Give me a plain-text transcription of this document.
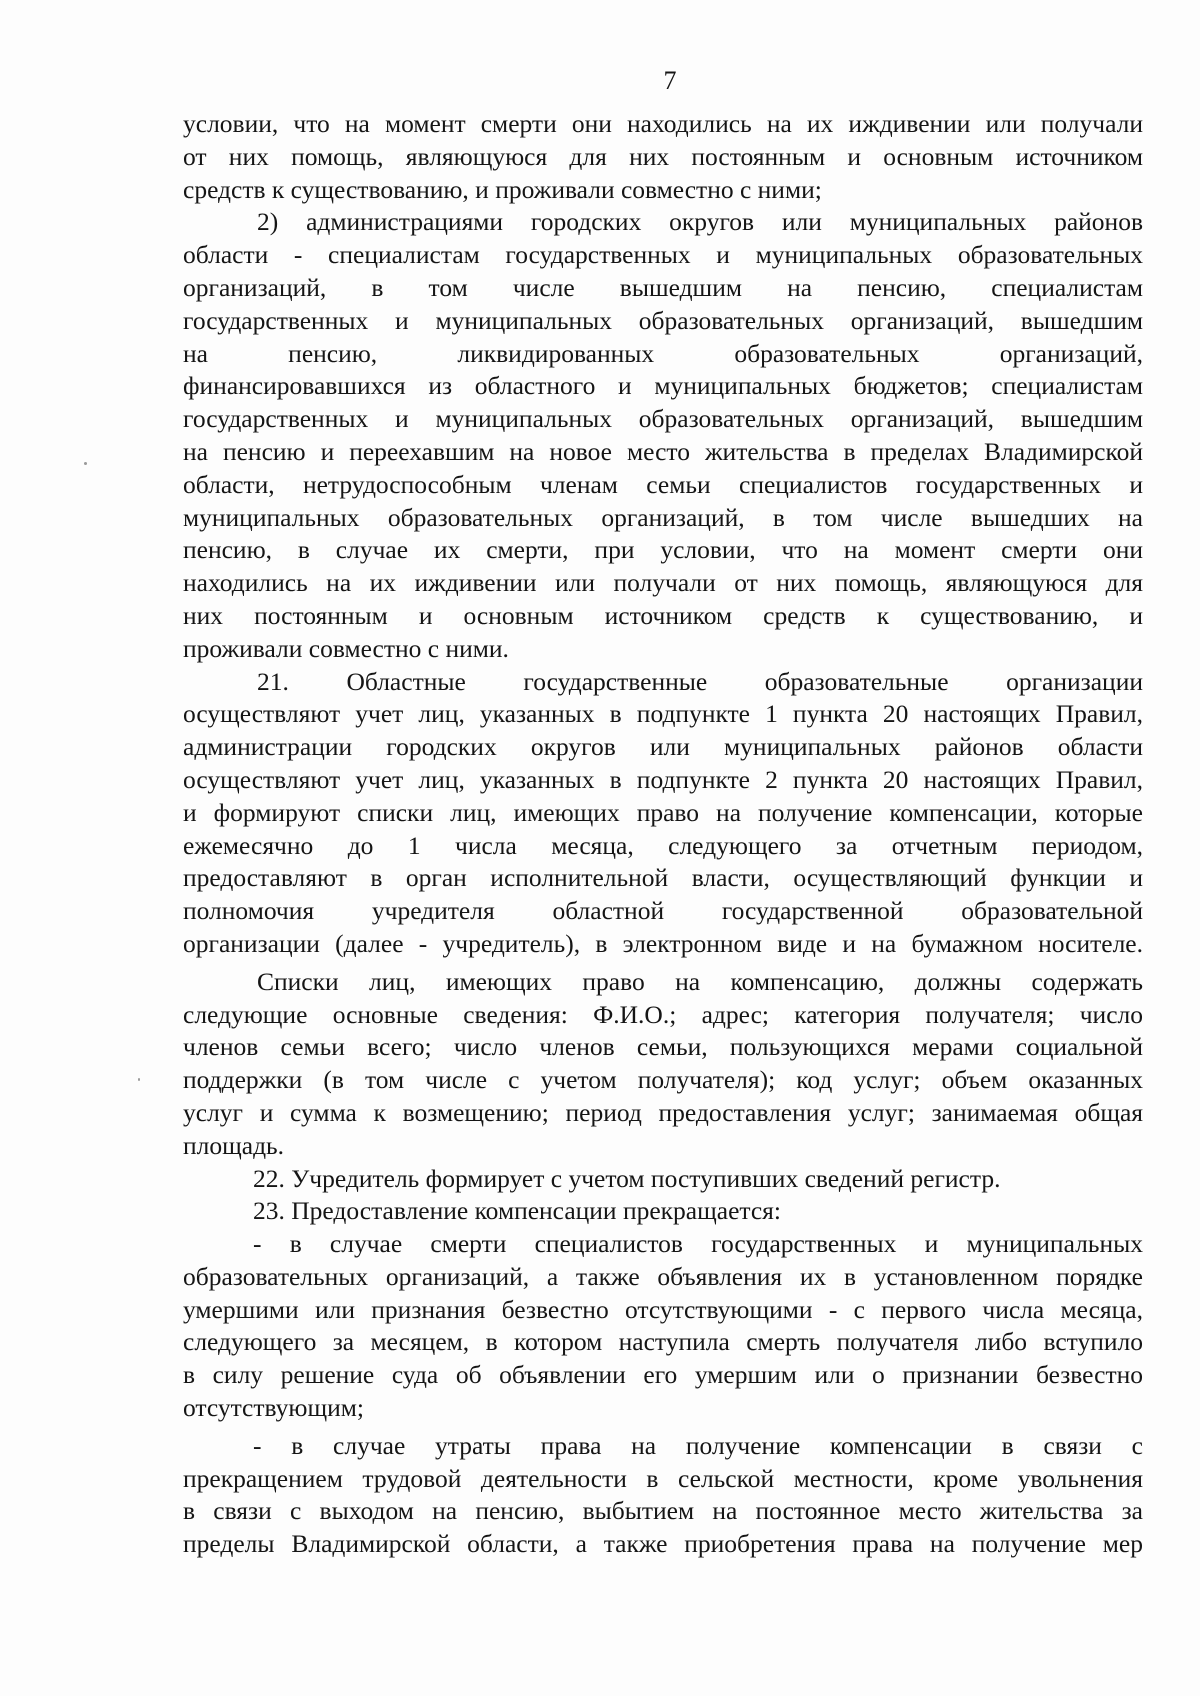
7
условии, что на момент смерти они находились на их иждивении или получали
от них помощь, являющуюся для них постоянным и основным источником
средств к существованию, и проживали совместно с ними;
2) администрациями городских округов или муниципальных районов
области - специалистам государственных и муниципальных образовательных
организаций, в том числе вышедшим на пенсию, специалистам
государственных и муниципальных образовательных организаций, вышедшим
на пенсию, ликвидированных образовательных организаций,
финансировавшихся из областного и муниципальных бюджетов; специалистам
государственных и муниципальных образовательных организаций, вышедшим
на пенсию и переехавшим на новое место жительства в пределах Владимирской
области, нетрудоспособным членам семьи специалистов государственных и
муниципальных образовательных организаций, в том числе вышедших на
пенсию, в случае их смерти, при условии, что на момент смерти они
находились на их иждивении или получали от них помощь, являющуюся для
них постоянным и основным источником средств к существованию, и
проживали совместно с ними.
21. Областные государственные образовательные организации
осуществляют учет лиц, указанных в подпункте 1 пункта 20 настоящих Правил,
администрации городских округов или муниципальных районов области
осуществляют учет лиц, указанных в подпункте 2 пункта 20 настоящих Правил,
и формируют списки лиц, имеющих право на получение компенсации, которые
ежемесячно до 1 числа месяца, следующего за отчетным периодом,
предоставляют в орган исполнительной власти, осуществляющий функции и
полномочия учредителя областной государственной образовательной
организации (далее - учредитель), в электронном виде и на бумажном носителе.
Списки лиц, имеющих право на компенсацию, должны содержать
следующие основные сведения: Ф.И.О.; адрес; категория получателя; число
членов семьи всего; число членов семьи, пользующихся мерами социальной
поддержки (в том числе с учетом получателя); код услуг; объем оказанных
услуг и сумма к возмещению; период предоставления услуг; занимаемая общая
площадь.
22. Учредитель формирует с учетом поступивших сведений регистр.
23. Предоставление компенсации прекращается:
- в случае смерти специалистов государственных и муниципальных
образовательных организаций, а также объявления их в установленном порядке
умершими или признания безвестно отсутствующими - с первого числа месяца,
следующего за месяцем, в котором наступила смерть получателя либо вступило
в силу решение суда об объявлении его умершим или о признании безвестно
отсутствующим;
- в случае утраты права на получение компенсации в связи с
прекращением трудовой деятельности в сельской местности, кроме увольнения
в связи с выходом на пенсию, выбытием на постоянное место жительства за
пределы Владимирской области, а также приобретения права на получение мер
